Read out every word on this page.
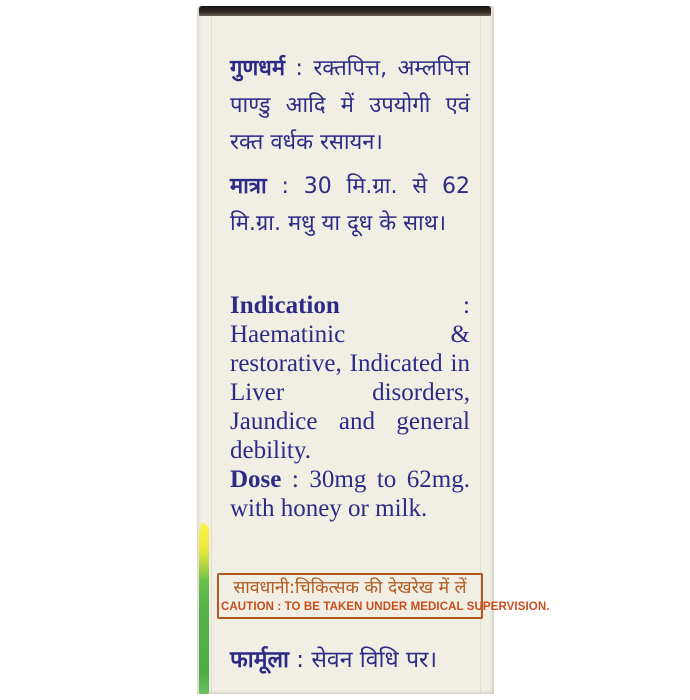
गुणधर्म : रक्तपित्त, अम्लपित्त पाण्डु आदि में उपयोगी एवं रक्त वर्धक रसायन।

मात्रा : 30 मि.ग्रा. से 62 मि.ग्रा. मधु या दूध के साथ।

Indication : Haematinic & restorative, Indicated in Liver disorders, Jaundice and general debility.

Dose : 30mg to 62mg. with honey or milk.

सावधानी:चिकित्सक की देखरेख में लें

CAUTION : TO BE TAKEN UNDER MEDICAL SUPERVISION.

फार्मूला : सेवन विधि पर।
